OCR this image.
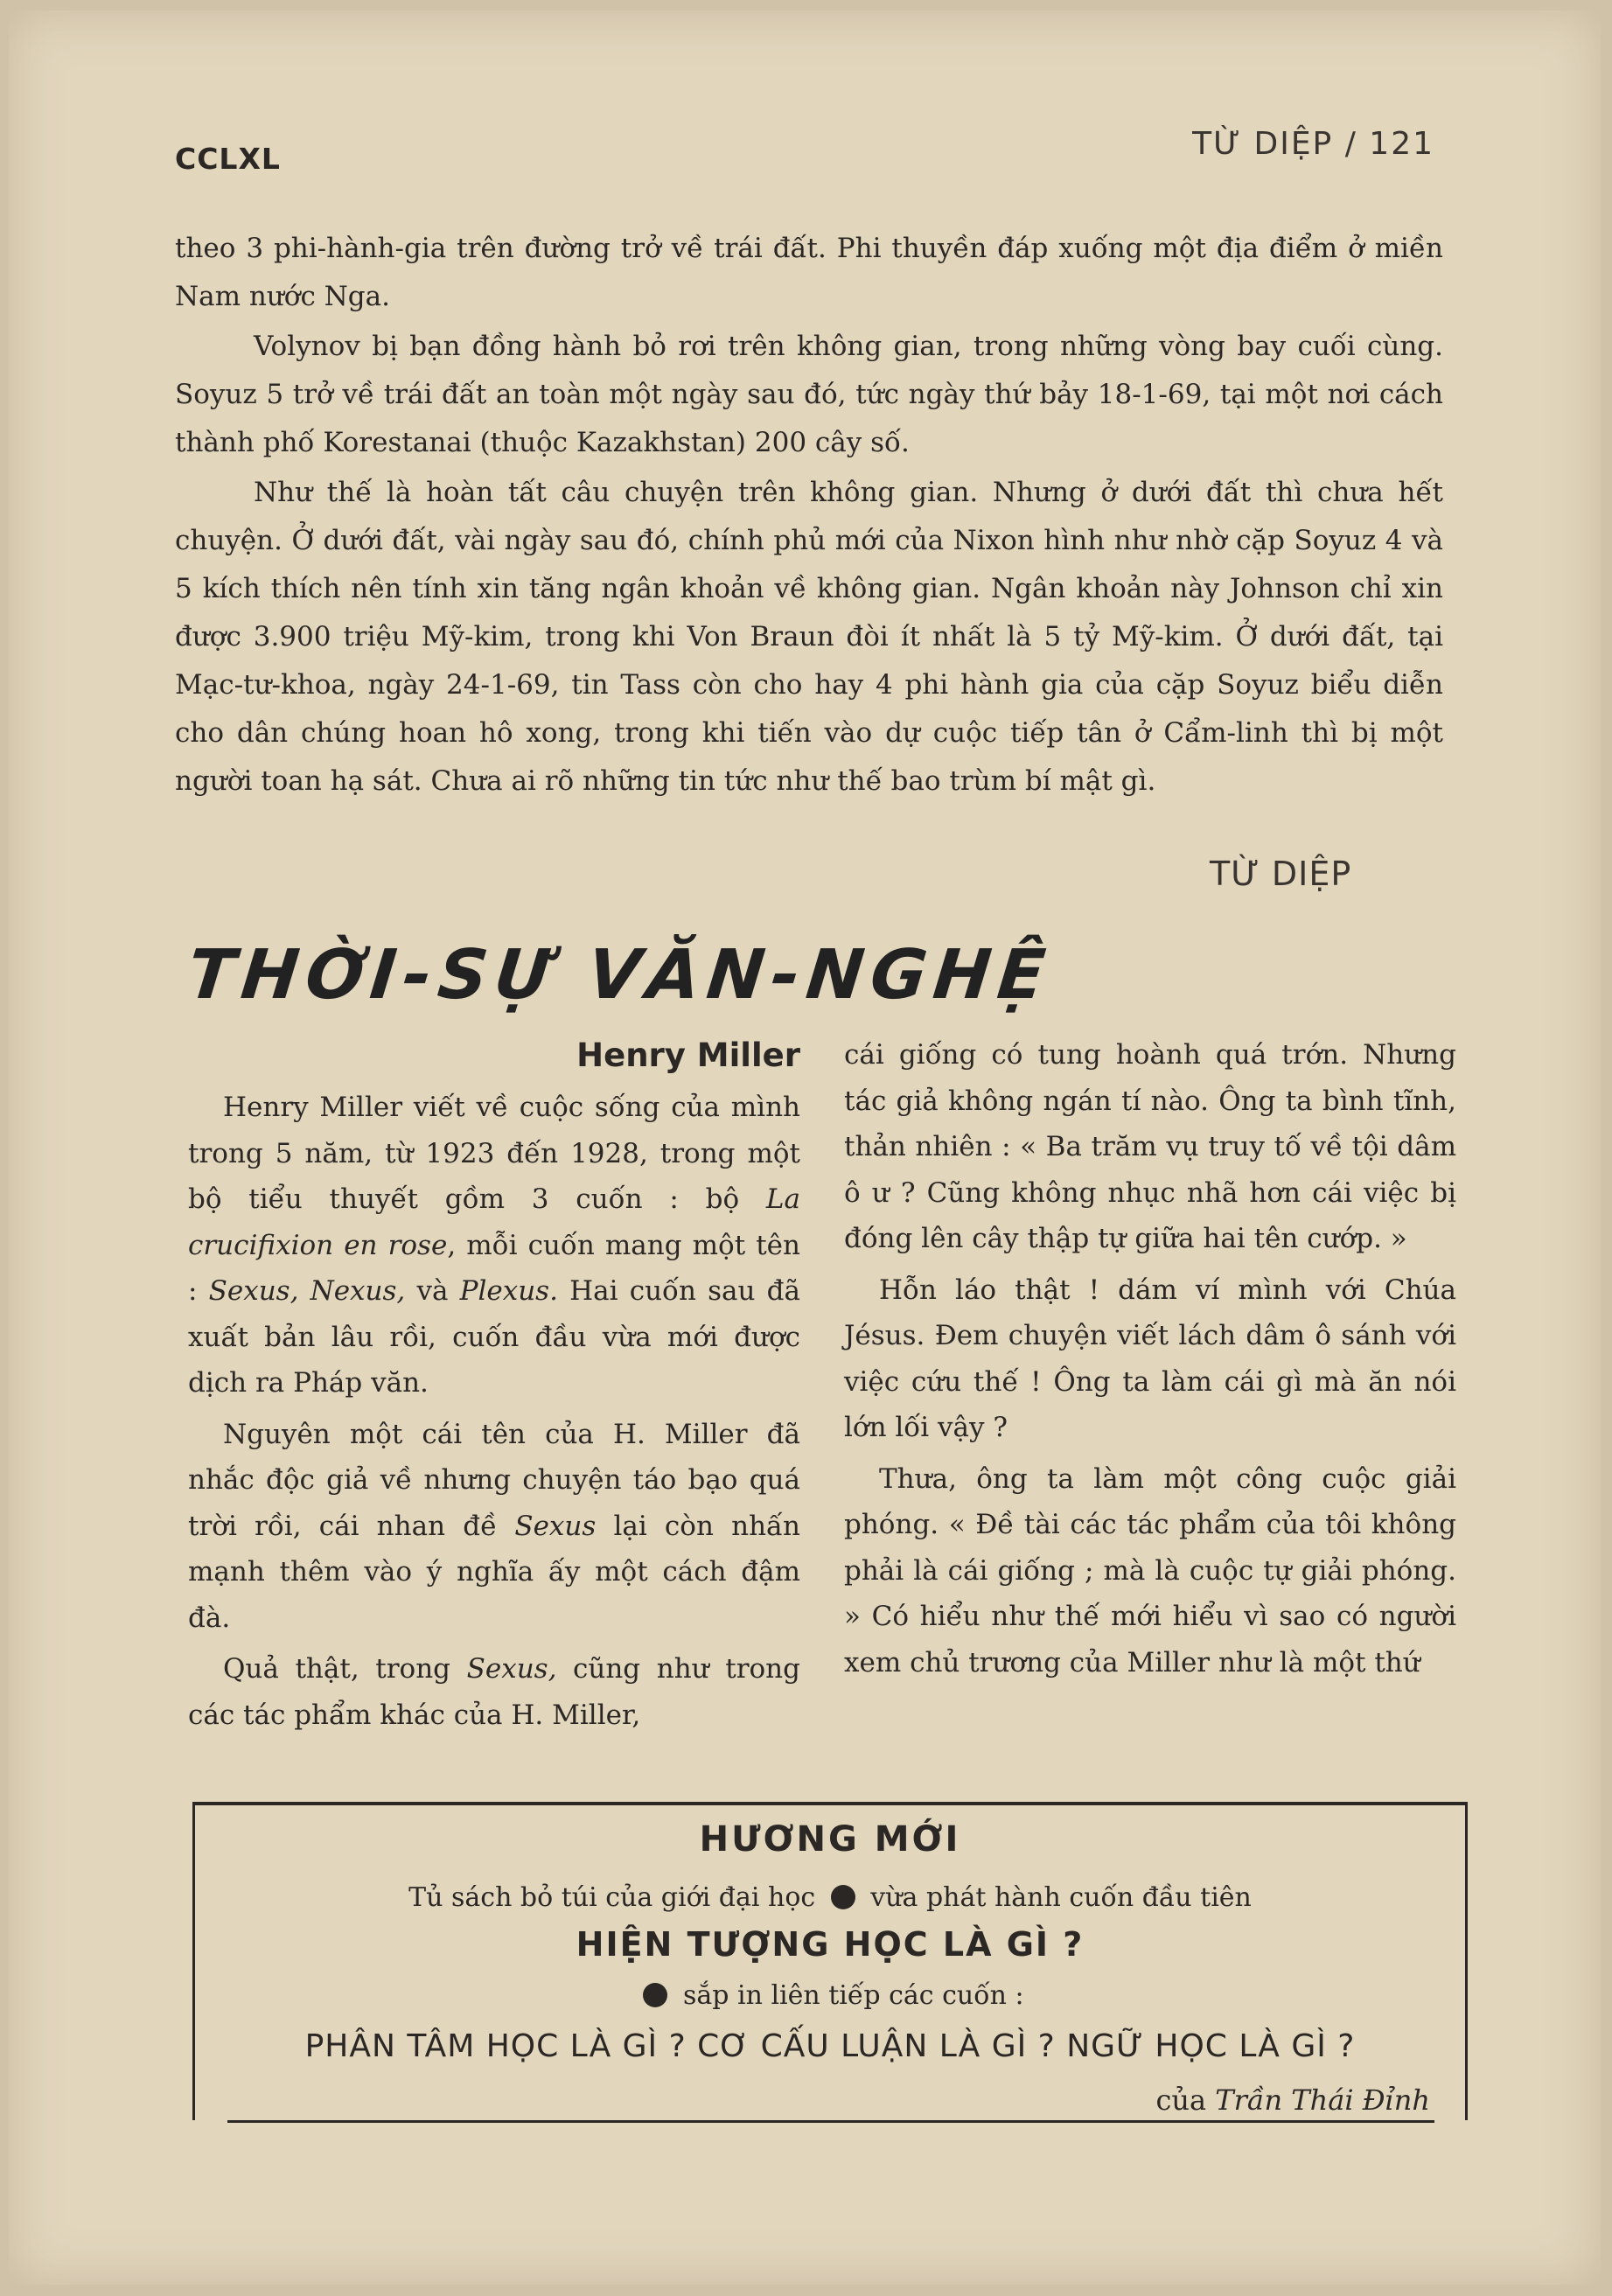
CCLXL	TỪ DIỆP / 121

theo 3 phi-hành-gia trên đường trở về trái đất. Phi thuyền đáp xuống một địa điểm ở miền Nam nước Nga.

Volynov bị bạn đồng hành bỏ rơi trên không gian, trong những vòng bay cuối cùng. Soyuz 5 trở về trái đất an toàn một ngày sau đó, tức ngày thứ bảy 18-1-69, tại một nơi cách thành phố Korestanai (thuộc Kazakhstan) 200 cây số.

Như thế là hoàn tất câu chuyện trên không gian. Nhưng ở dưới đất thì chưa hết chuyện. Ở dưới đất, vài ngày sau đó, chính phủ mới của Nixon hình như nhờ cặp Soyuz 4 và 5 kích thích nên tính xin tăng ngân khoản về không gian. Ngân khoản này Johnson chỉ xin được 3.900 triệu Mỹ-kim, trong khi Von Braun đòi ít nhất là 5 tỷ Mỹ-kim. Ở dưới đất, tại Mạc-tư-khoa, ngày 24-1-69, tin Tass còn cho hay 4 phi hành gia của cặp Soyuz biểu diễn cho dân chúng hoan hô xong, trong khi tiến vào dự cuộc tiếp tân ở Cẩm-linh thì bị một người toan hạ sát. Chưa ai rõ những tin tức như thế bao trùm bí mật gì.

TỪ DIỆP
THỜI-SỰ VĂN-NGHỆ
Henry Miller

Henry Miller viết về cuộc sống của mình trong 5 năm, từ 1923 đến 1928, trong một bộ tiểu thuyết gồm 3 cuốn : bộ La crucifixion en rose, mỗi cuốn mang một tên : Sexus, Nexus, và Plexus. Hai cuốn sau đã xuất bản lâu rồi, cuốn đầu vừa mới được dịch ra Pháp văn.

Nguyên một cái tên của H. Miller đã nhắc độc giả về nhưng chuyện táo bạo quá trời rồi, cái nhan đề Sexus lại còn nhấn mạnh thêm vào ý nghĩa ấy một cách đậm đà.

Quả thật, trong Sexus, cũng như trong các tác phẩm khác của H. Miller,

cái giống có tung hoành quá trớn. Nhưng tác giả không ngán tí nào. Ông ta bình tĩnh, thản nhiên : « Ba trăm vụ truy tố về tội dâm ô ư ? Cũng không nhục nhã hơn cái việc bị đóng lên cây thập tự giữa hai tên cướp. »

Hỗn láo thật ! dám ví mình với Chúa Jésus. Đem chuyện viết lách dâm ô sánh với việc cứu thế ! Ông ta làm cái gì mà ăn nói lớn lối vậy ?

Thưa, ông ta làm một công cuộc giải phóng. « Đề tài các tác phẩm của tôi không phải là cái giống ; mà là cuộc tự giải phóng. » Có hiểu như thế mới hiểu vì sao có người xem chủ trương của Miller như là một thứ

HƯƠNG MỚI
Tủ sách bỏ túi của giới đại học vừa phát hành cuốn đầu tiên
HIỆN TƯỢNG HỌC LÀ GÌ ?
sắp in liên tiếp các cuốn :
PHÂN TÂM HỌC LÀ GÌ ? CƠ CẤU LUẬN LÀ GÌ ? NGỮ HỌC LÀ GÌ ?
của Trần Thái Đỉnh
